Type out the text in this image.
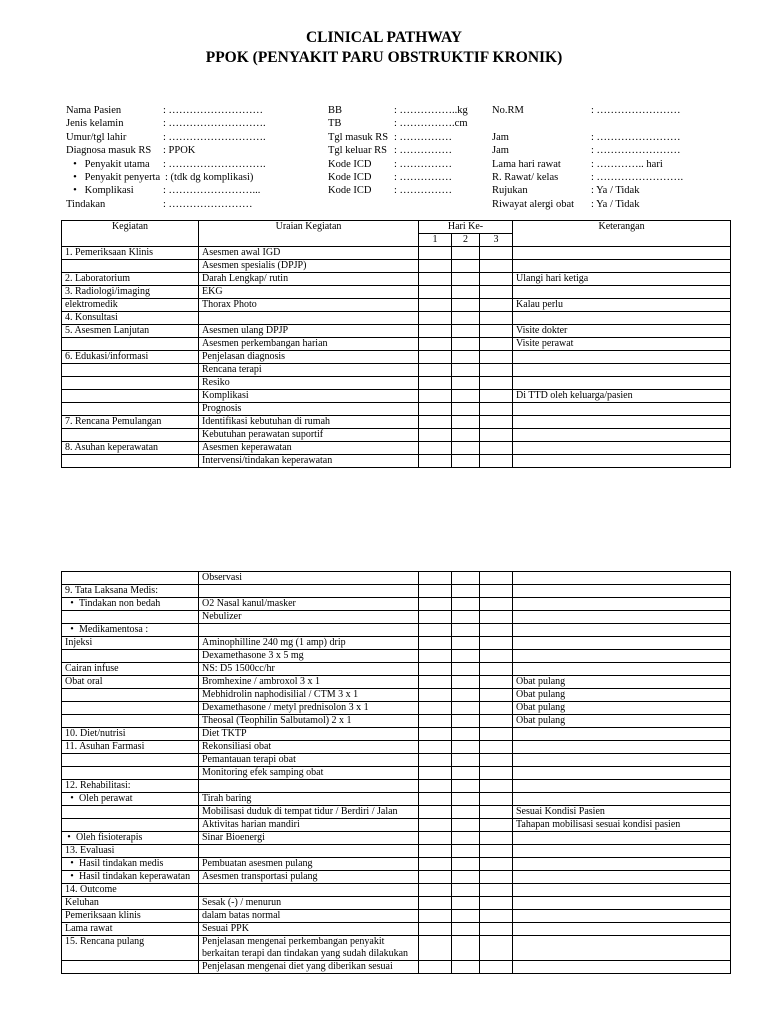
CLINICAL PATHWAY
PPOK (PENYAKIT PARU OBSTRUKTIF KRONIK)
Nama Pasien	: ………………………
Jenis kelamin	: ……………………….
Umur/tgl lahir	: ……………………….
Diagnosa masuk RS : PPOK
• Penyakit utama : ……………………….
• Penyakit penyerta : (tdk dg komplikasi)
• Komplikasi	: ……………………...
Tindakan	: ……………………
BB	: ……………..kg
TB	: …………….cm
Tgl masuk RS : ……………
Tgl keluar RS : ……………
Kode ICD : ……………
Kode ICD : ……………
Kode ICD : ……………
No.RM	: ……………………
Jam	: ……………………
Jam	: ……………………
Lama hari rawat	: ………….. hari
R. Rawat/ kelas	: …………………….
Rujukan	: Ya / Tidak
Riwayat alergi obat : Ya / Tidak
Kegiatan	Uraian Kegiatan	Hari Ke-			Keterangan
		1	2	3	
1. Pemeriksaan Klinis	Asesmen awal IGD				
	Asesmen spesialis (DPJP)				
2. Laboratorium	Darah Lengkap/ rutin				Ulangi hari ketiga
3. Radiologi/imaging	EKG				
elektromedik	Thorax Photo				Kalau perlu
4. Konsultasi					
5. Asesmen Lanjutan	Asesmen ulang DPJP				Visite dokter
	Asesmen perkembangan harian				Visite perawat
6. Edukasi/informasi	Penjelasan diagnosis				
	Rencana terapi				
	Resiko				
	Komplikasi				Di TTD oleh keluarga/pasien
	Prognosis				
7. Rencana Pemulangan	Identifikasi kebutuhan di rumah				
	Kebutuhan perawatan suportif				
8. Asuhan keperawatan	Asesmen keperawatan				
	Intervensi/tindakan keperawatan				
	Observasi				
9. Tata Laksana Medis:					
• Tindakan non bedah	O2 Nasal kanul/masker				
	Nebulizer				
• Medikamentosa :					
Injeksi	Aminophilline 240 mg (1 amp) drip				
	Dexamethasone 3 x 5 mg				
Cairan infuse	NS: D5 1500cc/hr				
Obat oral	Bromhexine / ambroxol 3 x 1				Obat pulang
	Mebhidrolin naphodisilial / CTM 3 x 1				Obat pulang
	Dexamethasone / metyl prednisolon 3 x 1				Obat pulang
	Theosal (Teophilin Salbutamol) 2 x 1				Obat pulang
10. Diet/nutrisi	Diet TKTP				
11. Asuhan Farmasi	Rekonsiliasi obat				
	Pemantauan terapi obat				
	Monitoring efek samping obat				
12. Rehabilitasi:					
• Oleh perawat	Tirah baring				
	Mobilisasi duduk di tempat tidur / Berdiri / Jalan				Sesuai Kondisi Pasien
	Aktivitas harian mandiri				Tahapan mobilisasi sesuai kondisi pasien
• Oleh fisioterapis	Sinar Bioenergi				
13. Evaluasi					
• Hasil tindakan medis	Pembuatan asesmen pulang				
• Hasil tindakan keperawatan	Asesmen transportasi pulang				
14. Outcome					
Keluhan	Sesak (-) / menurun				
Pemeriksaan klinis	dalam batas normal				
Lama rawat	Sesuai PPK				
15. Rencana pulang	Penjelasan mengenai perkembangan penyakit berkaitan terapi dan tindakan yang sudah dilakukan				
	Penjelasan mengenai diet yang diberikan sesuai				
